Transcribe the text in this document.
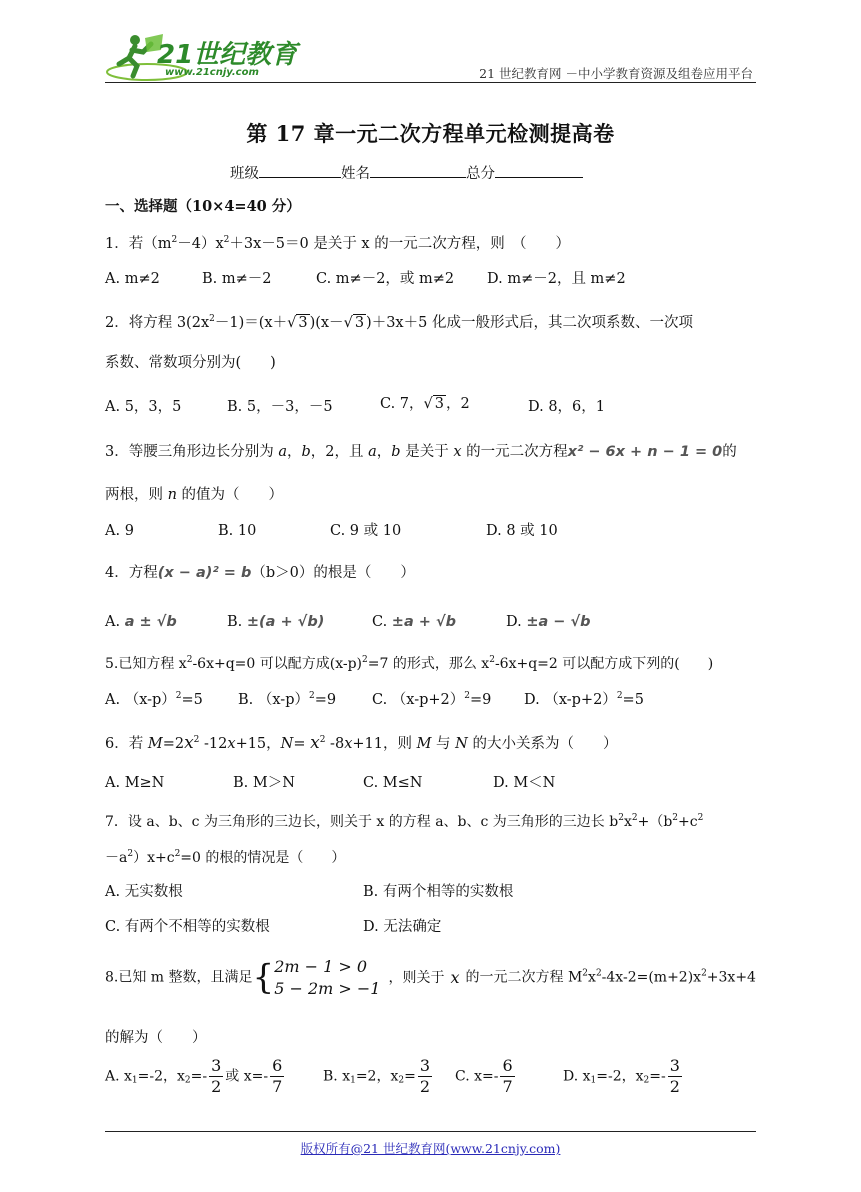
21世纪教育
www.21cnjy.com	21 世纪教育网 －中小学教育资源及组卷应用平台
第 17 章一元二次方程单元检测提高卷
班级	姓名	总分
一、选择题（10×4=40 分）
1．若$(m^2-4)x^2+3x-5=0$ 是关于 x 的一元二次方程，则　（　　）
A. m≠2	B. m≠－2	C. m≠－2，或 m≠2 D. m≠－2，且 m≠2
2．将方程 $3(2x^2-1)=(x+√$ 3 )(x－√ 3 )＋3x＋5 化成一般形式后，其二次项系数、一次项
系数、常数项分别为(　　)
A. 5，3，5	B. 5，－3，－5	C. 7，√ 3 ，2	D. 8，6，1
3．等腰三角形边长分别为 a，b，2，且 a，b 是关于 x 的一元二次方程x² − 6x + n − 1 = 0的
两根，则 n 的值为（　　）
A. 9	B. 10	C. 9 或 10	D. 8 或 10
4．方程(x − a)² = b（b＞0）的根是（　　）
A. a ± √b	B. ±(a + √b)	C. ±a + √b	D. ±a − √b
5.已知方程 $x^2-6x+q=0$ 可以配方成$(x-p)^2=7$ 的形式，那么 $x^2-6x+q=2$ 可以配方成下列的(　　)
A. $(x-p)^2=5$ B. $(x-p)^2=9$ C. $(x-p+2)^2=9$ D. $(x-p+2)^2=5$
6．若 $M=2x^2$ -12x+15，$N= x^2$ -8x+11，则 M 与 N 的大小关系为（　　）
A. M≥N	B. M＞N	C. M≤N	D. M＜N
7．设 a、b、c 为三角形的三边长，则关于 x 的方程 a、b、c 为三角形的三边长 $b^2x^2+(b^2+c^2$
$-a^2)x+c^2=0$ 的根的情况是（　　）
A. 无实数根	B. 有两个相等的实数根
C. 有两个不相等的实数根	D. 无法确定
8.已知 m 整数，且满足{ 2m − 1 > 0
5 − 2m > −1
，则关于 x 的一元二次方程 $M^2x^2-4x-2=(m+2)x^2+3x+4$
的解为（　　）
A. $x_1=-2$，$x_2=- \frac{3}{2}$ 或 $x=- \frac{6}{7}$	B. $x_1=2$，$x_2= \frac{3}{2} C$. $x=- \frac{6}{7}$	D. $x_1=-2$，$x_2=- \frac{3}{2}$
版权所有@21 世纪教育网(www.21cnjy.com)
